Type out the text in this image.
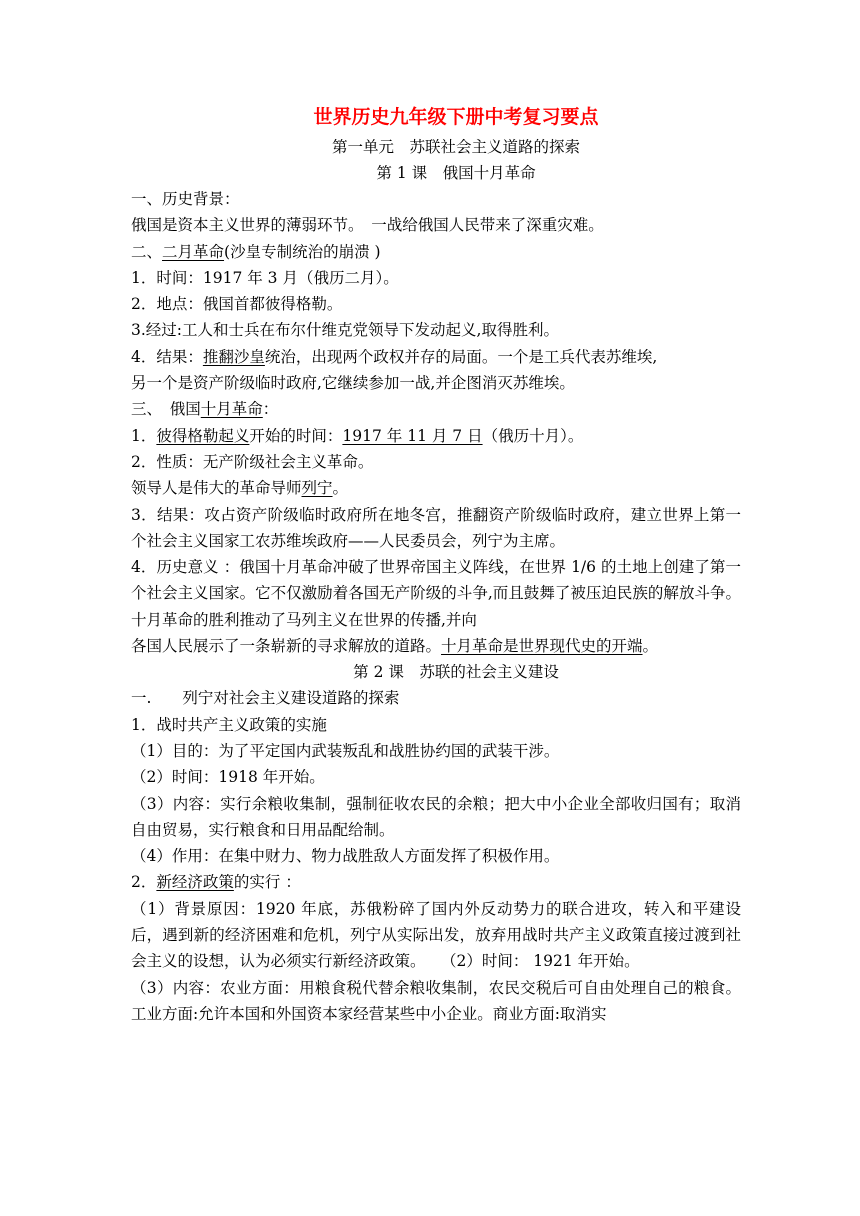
世界历史九年级下册中考复习要点
第一单元　苏联社会主义道路的探索
第 1 课　俄国十月革命
一、历史背景：
俄国是资本主义世界的薄弱环节。　一战给俄国人民带来了深重灾难。
二、二月革命(沙皇专制统治的崩溃 )
1．时间：1917 年 3 月（俄历二月）。
2．地点：俄国首都彼得格勒。
3.经过:工人和士兵在布尔什维克党领导下发动起义,取得胜利。
4．结果：推翻沙皇统治，出现两个政权并存的局面。一个是工兵代表苏维埃,
另一个是资产阶级临时政府,它继续参加一战,并企图消灭苏维埃。
三、　俄国十月革命：
1．彼得格勒起义开始的时间：1917 年 11 月 7 日（俄历十月）。
2．性质：无产阶级社会主义革命。
领导人是伟大的革命导师列宁。
3．结果：攻占资产阶级临时政府所在地冬宫，推翻资产阶级临时政府，建立世界上第一个社会主义国家工农苏维埃政府——人民委员会，列宁为主席。
4．历史意义 ：俄国十月革命冲破了世界帝国主义阵线，在世界 1/6 的土地上创建了第一个社会主义国家。它不仅激励着各国无产阶级的斗争,而且鼓舞了被压迫民族的解放斗争。十月革命的胜利推动了马列主义在世界的传播,并向
各国人民展示了一条崭新的寻求解放的道路。十月革命是世界现代史的开端。
第 2 课　苏联的社会主义建设
一.　　列宁对社会主义建设道路的探索
1．战时共产主义政策的实施
（1）目的：为了平定国内武装叛乱和战胜协约国的武装干涉。
（2）时间：1918 年开始。
（3）内容：实行余粮收集制，强制征收农民的余粮；把大中小企业全部收归国有；取消自由贸易，实行粮食和日用品配给制。
（4）作用：在集中财力、物力战胜敌人方面发挥了积极作用。
2．新经济政策的实行 ：
（1）背景原因：1920 年底，苏俄粉碎了国内外反动势力的联合进攻，转入和平建设后，遇到新的经济困难和危机，列宁从实际出发，放弃用战时共产主义政策直接过渡到社会主义的设想，认为必须实行新经济政策。　　（2）时间： 1921 年开始。
（3）内容：农业方面：用粮食税代替余粮收集制，农民交税后可自由处理自己的粮食。工业方面:允许本国和外国资本家经营某些中小企业。商业方面:取消实
